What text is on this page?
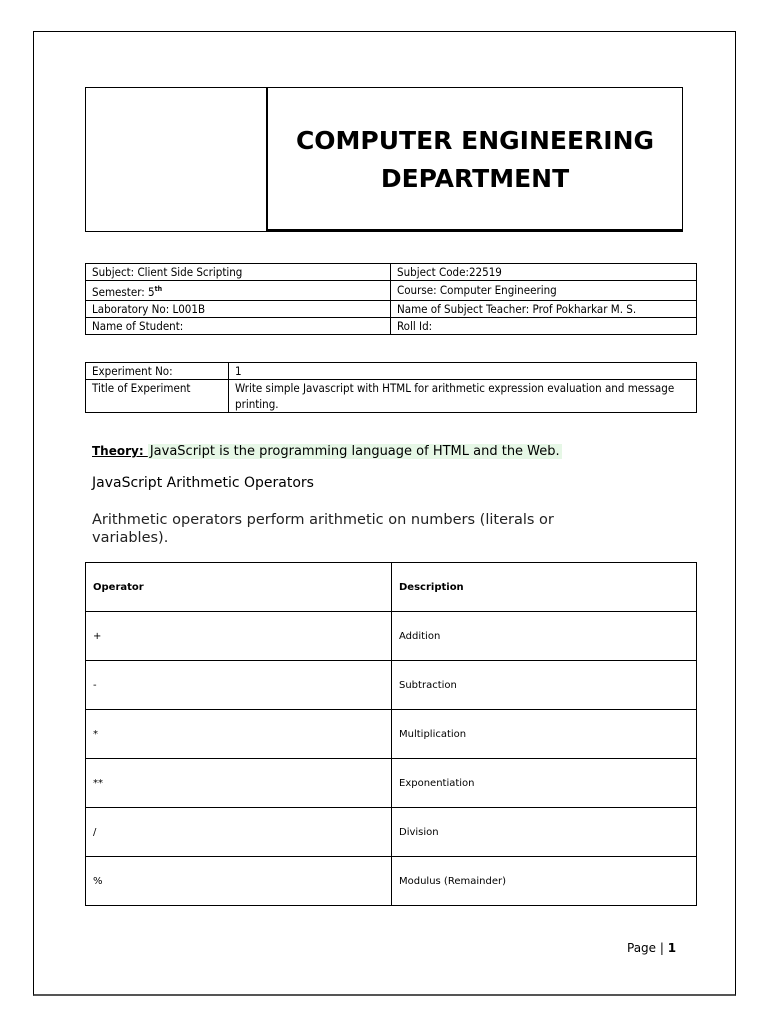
COMPUTER ENGINEERING
DEPARTMENT
Subject: Client Side Scripting	Subject Code:22519
Semester: 5th	Course: Computer Engineering
Laboratory No: L001B	Name of Subject Teacher: Prof Pokharkar M. S.
Name of Student:	Roll Id:
Experiment No:	1
Title of Experiment	Write simple Javascript with HTML for arithmetic expression evaluation and message printing.
Theory: JavaScript is the programming language of HTML and the Web.
JavaScript Arithmetic Operators
Arithmetic operators perform arithmetic on numbers (literals or variables).
Operator	Description
+	Addition
-	Subtraction
*	Multiplication
**	Exponentiation
/	Division
%	Modulus (Remainder)
Page | 1
